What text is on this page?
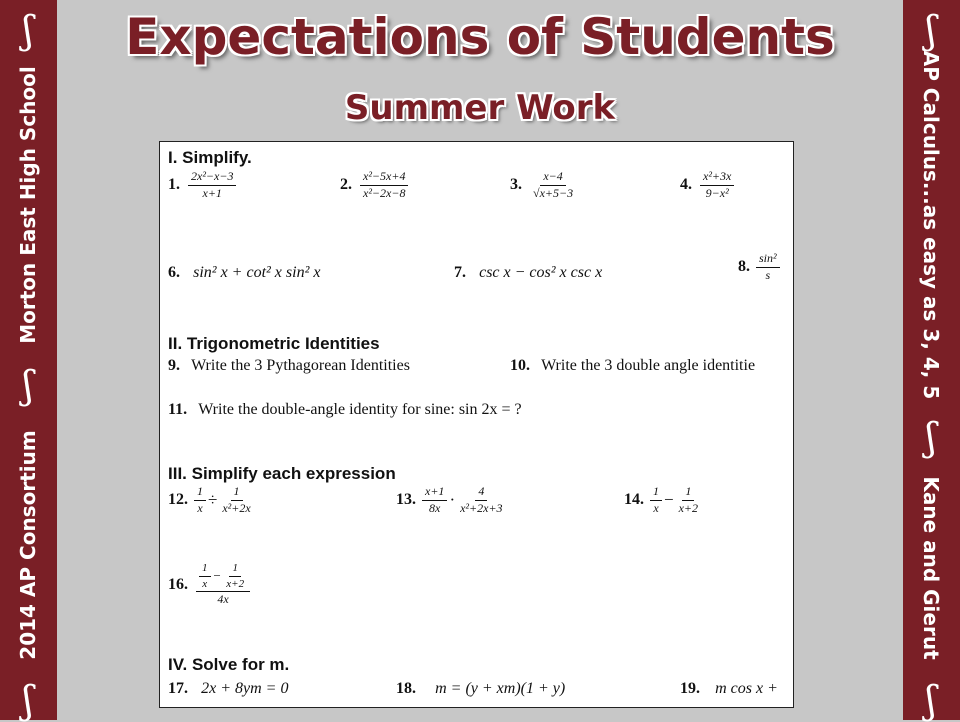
ʃ
Morton East High School
ʃ
2014 AP Consortium
ʃ
ʃ
AP Calculus...as easy as 3, 4, 5
ʃ
Kane and Gierut
ʃ
Expectations of Students
Summer Work
I. Simplify.
1. $\frac{\text{2x²−x−3}}{x+1}$	2. $\frac{\text{x²−5x+4}}{\text{x²−2x−8}}$	3. $\frac{x-4}{√x+5-3}$	4. $\frac{\text{x²+3x}}{\text{9−x²}}$
6. sin² x + cot² x sin² x	7. csc x − cos² x csc x	8. $\frac{\text{sin²}}{s}$
II. Trigonometric Identities
9. Write the 3 Pythagorean Identities	10. Write the 3 double angle identitie
11. Write the double-angle identity for sine: sin 2x = ?
III. Simplify each expression
12. $\frac{1}{x} \div \frac{1}{\text{x²+2x}}$	13. $\frac{x+1}{8x} \cdot \frac{4}{\text{x²+2x+3}}$	14. $\frac{1}{x} - \frac{1}{x+2}$
16. $\frac{1}{x} - \frac{1}{x+2}$
4x
IV. Solve for m.
17. 2x + 8ym = 0	18. m = (y + xm)(1 + y)	19. m cos x +
